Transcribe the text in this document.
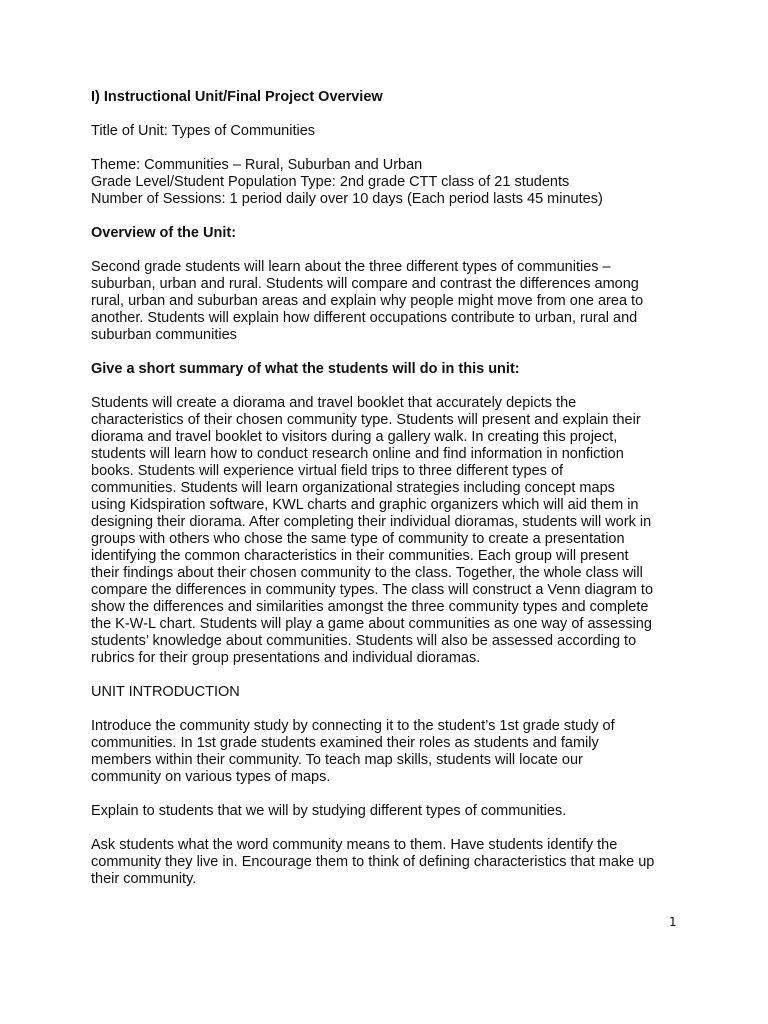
I) Instructional Unit/Final Project Overview

Title of Unit: Types of Communities

Theme: Communities – Rural, Suburban and Urban
Grade Level/Student Population Type: 2nd grade CTT class of 21 students
Number of Sessions: 1 period daily over 10 days (Each period lasts 45 minutes)

Overview of the Unit:

Second grade students will learn about the three different types of communities –
suburban, urban and rural. Students will compare and contrast the differences among
rural, urban and suburban areas and explain why people might move from one area to
another. Students will explain how different occupations contribute to urban, rural and
suburban communities

Give a short summary of what the students will do in this unit:

Students will create a diorama and travel booklet that accurately depicts the
characteristics of their chosen community type. Students will present and explain their
diorama and travel booklet to visitors during a gallery walk. In creating this project,
students will learn how to conduct research online and find information in nonfiction
books. Students will experience virtual field trips to three different types of
communities. Students will learn organizational strategies including concept maps
using Kidspiration software, KWL charts and graphic organizers which will aid them in
designing their diorama. After completing their individual dioramas, students will work in
groups with others who chose the same type of community to create a presentation
identifying the common characteristics in their communities. Each group will present
their findings about their chosen community to the class. Together, the whole class will
compare the differences in community types. The class will construct a Venn diagram to
show the differences and similarities amongst the three community types and complete
the K-W-L chart. Students will play a game about communities as one way of assessing
students’ knowledge about communities. Students will also be assessed according to
rubrics for their group presentations and individual dioramas.

UNIT INTRODUCTION

Introduce the community study by connecting it to the student’s 1st grade study of
communities. In 1st grade students examined their roles as students and family
members within their community. To teach map skills, students will locate our
community on various types of maps.

Explain to students that we will by studying different types of communities.

Ask students what the word community means to them. Have students identify the
community they live in. Encourage them to think of defining characteristics that make up
their community.
1
